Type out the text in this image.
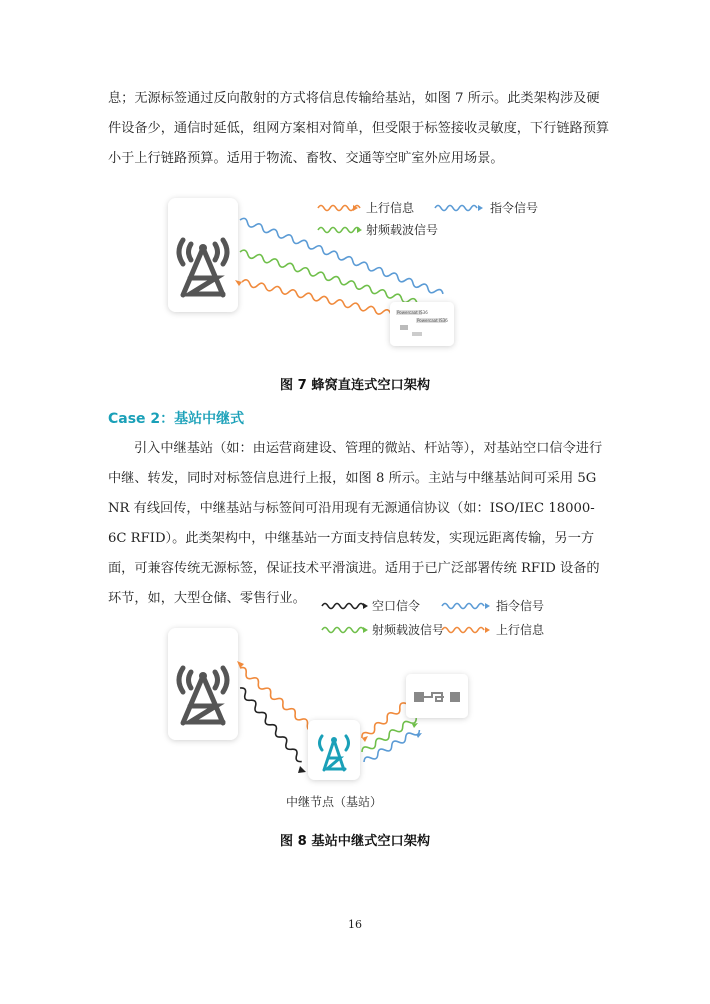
息；无源标签通过反向散射的方式将信息传输给基站，如图 7 所示。此类架构涉及硬件设备少，通信时延低，组网方案相对简单，但受限于标签接收灵敏度，下行链路预算小于上行链路预算。适用于物流、畜牧、交通等空旷室外应用场景。

Powercaat IS36
Powercaat IS36
上行信息	指令信号
射频载波信号
图 7 蜂窝直连式空口架构
Case 2：基站中继式

引入中继基站（如：由运营商建设、管理的微站、杆站等），对基站空口信令进行中继、转发，同时对标签信息进行上报，如图 8 所示。主站与中继基站间可采用 5G NR 有线回传，中继基站与标签间可沿用现有无源通信协议（如：ISO/IEC 18000-6C RFID）。此类架构中，中继基站一方面支持信息转发，实现远距离传输，另一方面，可兼容传统无源标签，保证技术平滑演进。适用于已广泛部署传统 RFID 设备的环节，如，大型仓储、零售行业。	空口信令	指令信号
射频载波信号	上行信息
中继节点（基站）
图 8 基站中继式空口架构
16
